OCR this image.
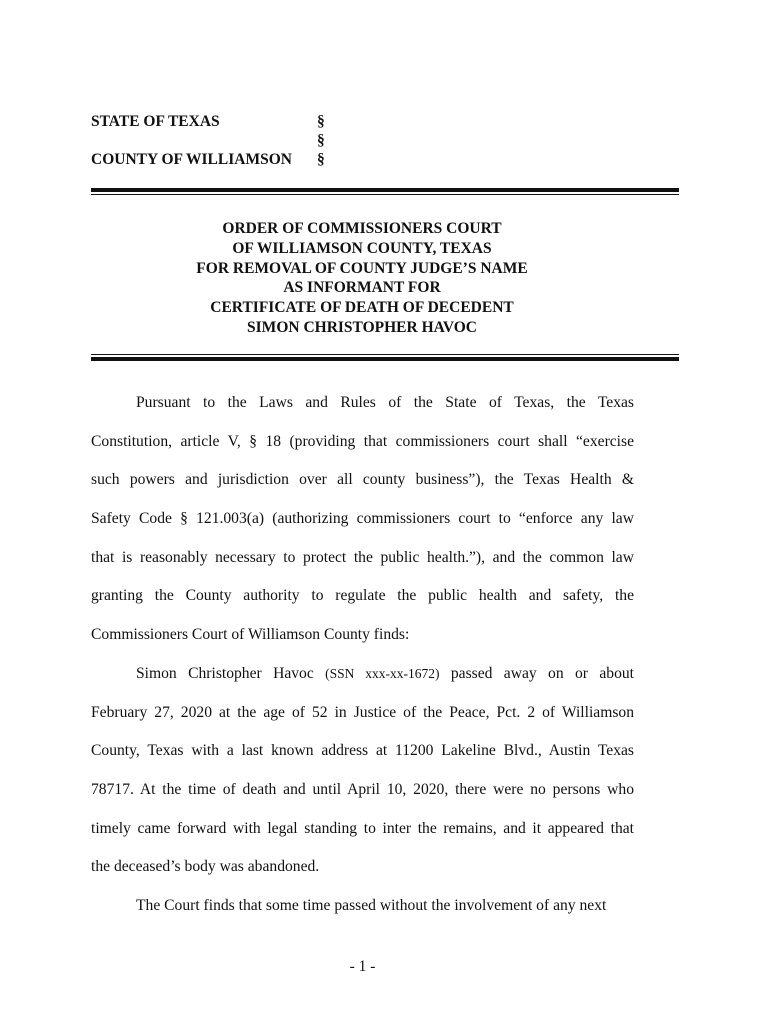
STATE OF TEXAS	§
§
COUNTY OF WILLIAMSON §
ORDER OF COMMISSIONERS COURT
OF WILLIAMSON COUNTY, TEXAS
FOR REMOVAL OF COUNTY JUDGE’S NAME
AS INFORMANT FOR
CERTIFICATE OF DEATH OF DECEDENT
SIMON CHRISTOPHER HAVOC
Pursuant to the Laws and Rules of the State of Texas, the Texas
Constitution, article V, § 18 (providing that commissioners court shall “exercise
such powers and jurisdiction over all county business”), the Texas Health &
Safety Code § 121.003(a) (authorizing commissioners court to “enforce any law
that is reasonably necessary to protect the public health.”), and the common law
granting the County authority to regulate the public health and safety, the
Commissioners Court of Williamson County finds:
Simon Christopher Havoc (SSN xxx-xx-1672) passed away on or about
February 27, 2020 at the age of 52 in Justice of the Peace, Pct. 2 of Williamson
County, Texas with a last known address at 11200 Lakeline Blvd., Austin Texas
78717. At the time of death and until April 10, 2020, there were no persons who
timely came forward with legal standing to inter the remains, and it appeared that
the deceased’s body was abandoned.
The Court finds that some time passed without the involvement of any next
- 1 -
